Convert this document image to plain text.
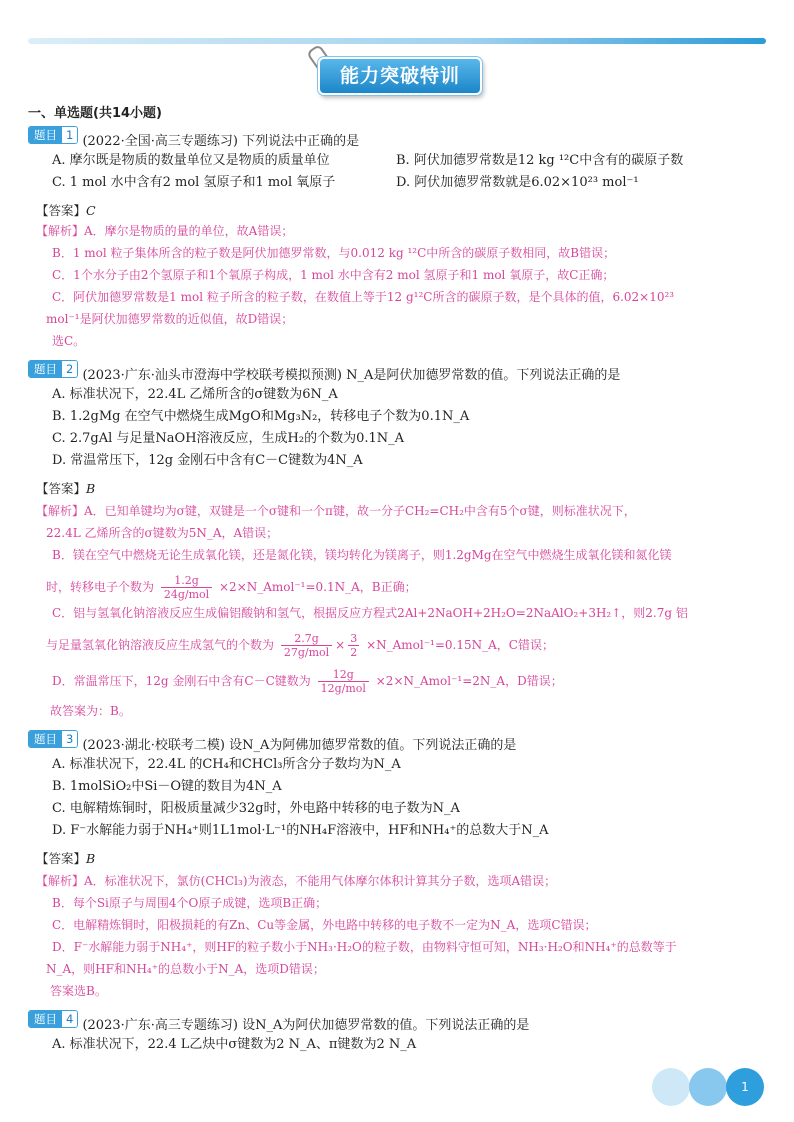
能力突破特训
一、单选题(共14小题)
题目 1 (2022·全国·高三专题练习) 下列说法中正确的是
A. 摩尔既是物质的数量单位又是物质的质量单位	B. 阿伏加德罗常数是12 kg ¹²C中含有的碳原子数
C. 1 mol 水中含有2 mol 氢原子和1 mol 氧原子	D. 阿伏加德罗常数就是6.02×10²³ mol⁻¹
【答案】C
【解析】A．摩尔是物质的量的单位，故A错误；
B．1 mol 粒子集体所含的粒子数是阿伏加德罗常数，与0.012 kg ¹²C中所含的碳原子数相同，故B错误；
C．1个水分子由2个氢原子和1个氧原子构成，1 mol 水中含有2 mol 氢原子和1 mol 氧原子，故C正确；
C．阿伏加德罗常数是1 mol 粒子所含的粒子数，在数值上等于12 g¹²C所含的碳原子数，是个具体的值，6.02×10²³
mol⁻¹是阿伏加德罗常数的近似值，故D错误；
选C。
题目 2 (2023·广东·汕头市澄海中学校联考模拟预测) N_A是阿伏加德罗常数的值。下列说法正确的是
A. 标准状况下，22.4L 乙烯所含的σ键数为6N_A
B. 1.2gMg 在空气中燃烧生成MgO和Mg₃N₂，转移电子个数为0.1N_A
C. 2.7gAl 与足量NaOH溶液反应，生成H₂的个数为0.1N_A
D. 常温常压下，12g 金刚石中含有C－C键数为4N_A
【答案】B
【解析】A．已知单键均为σ键，双键是一个σ键和一个π键，故一分子CH₂=CH₂中含有5个σ键，则标准状况下，
22.4L 乙烯所含的σ键数为5N_A，A错误；
B．镁在空气中燃烧无论生成氧化镁，还是氮化镁，镁均转化为镁离子，则1.2gMg在空气中燃烧生成氧化镁和氮化镁
时，转移电子个数为	1.2g
24g/mol
×2×N_Amol⁻¹=0.1N_A，B正确；
C．铝与氢氧化钠溶液反应生成偏铝酸钠和氢气，根据反应方程式2Al+2NaOH+2H₂O=2NaAlO₂+3H₂↑，则2.7g 铝
与足量氢氧化钠溶液反应生成氢气的个数为	2.7g
27g/mol
× $\frac{3}{2}$ ×N_Amol⁻¹=0.15N_A，C错误；
D．常温常压下，12g 金刚石中含有C－C键数为	12g
12g/mol
×2×N_Amol⁻¹=2N_A，D错误；
故答案为：B。
题目 3 (2023·湖北·校联考二模) 设N_A为阿佛加德罗常数的值。下列说法正确的是
A. 标准状况下，22.4L 的CH₄和CHCl₃所含分子数均为N_A
B. 1molSiO₂中Si－O键的数目为4N_A
C. 电解精炼铜时，阳极质量减少32g时，外电路中转移的电子数为N_A
D. F⁻水解能力弱于NH₄⁺则1L1mol·L⁻¹的NH₄F溶液中，HF和NH₄⁺的总数大于N_A
【答案】B
【解析】A．标准状况下，氯仿(CHCl₃)为液态，不能用气体摩尔体积计算其分子数，选项A错误；
B．每个Si原子与周围4个O原子成键，选项B正确；
C．电解精炼铜时，阳极损耗的有Zn、Cu等金属，外电路中转移的电子数不一定为N_A，选项C错误；
D．F⁻水解能力弱于NH₄⁺，则HF的粒子数小于NH₃·H₂O的粒子数，由物料守恒可知，NH₃·H₂O和NH₄⁺的总数等于
N_A，则HF和NH₄⁺的总数小于N_A，选项D错误；
答案选B。
题目 4 (2023·广东·高三专题练习) 设N_A为阿伏加德罗常数的值。下列说法正确的是
A. 标准状况下，22.4 L乙炔中σ键数为2 N_A、π键数为2 N_A
1
